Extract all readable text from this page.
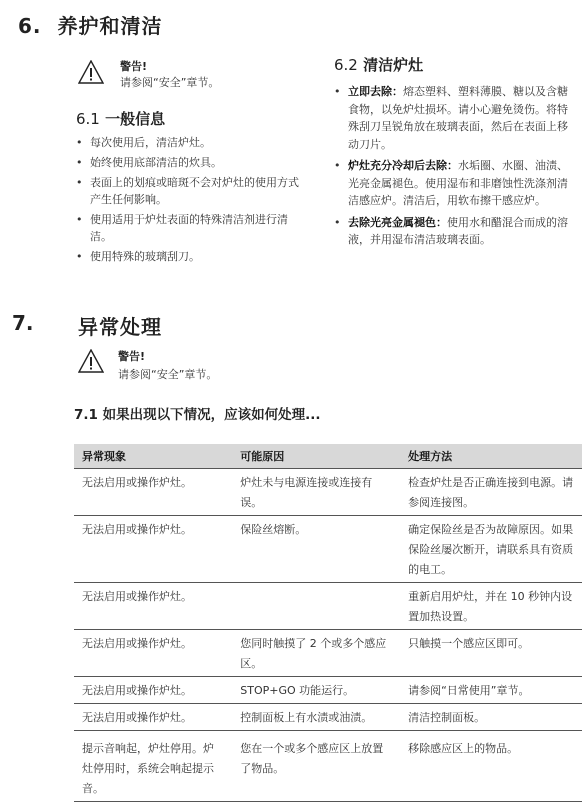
6. 养护和清洁
警告!
请参阅“安全”章节。
6.1 一般信息
• 每次使用后，清洁炉灶。
• 始终使用底部清洁的炊具。
• 表面上的划痕或暗斑不会对炉灶的使用方式产生任何影响。
• 使用适用于炉灶表面的特殊清洁剂进行清洁。
• 使用特殊的玻璃刮刀。
6.2 清洁炉灶
• 立即去除：熔态塑料、塑料薄膜、糖以及含糖食物，以免炉灶损坏。请小心避免烫伤。将特殊刮刀呈锐角放在玻璃表面，然后在表面上移动刀片。
• 炉灶充分冷却后去除：水垢圈、水圈、油渍、光亮金属褪色。使用湿布和非磨蚀性洗涤剂清洁感应炉。清洁后，用软布擦干感应炉。
• 去除光亮金属褪色：使用水和醋混合而成的溶液，并用湿布清洁玻璃表面。
7. 异常处理
警告!
请参阅“安全”章节。
7.1 如果出现以下情况，应该如何处理...
异常现象	可能原因	处理方法
无法启用或操作炉灶。	炉灶未与电源连接或连接有误。	检查炉灶是否正确连接到电源。请参阅连接图。
无法启用或操作炉灶。	保险丝熔断。	确定保险丝是否为故障原因。如果保险丝屡次断开，请联系具有资质的电工。
无法启用或操作炉灶。		重新启用炉灶，并在 10 秒钟内设置加热设置。
无法启用或操作炉灶。	您同时触摸了 2 个或多个感应区。	只触摸一个感应区即可。
无法启用或操作炉灶。	STOP+GO 功能运行。	请参阅“日常使用”章节。
无法启用或操作炉灶。	控制面板上有水渍或油渍。	清洁控制面板。
提示音响起，炉灶停用。炉灶停用时，系统会响起提示音。	您在一个或多个感应区上放置了物品。	移除感应区上的物品。
